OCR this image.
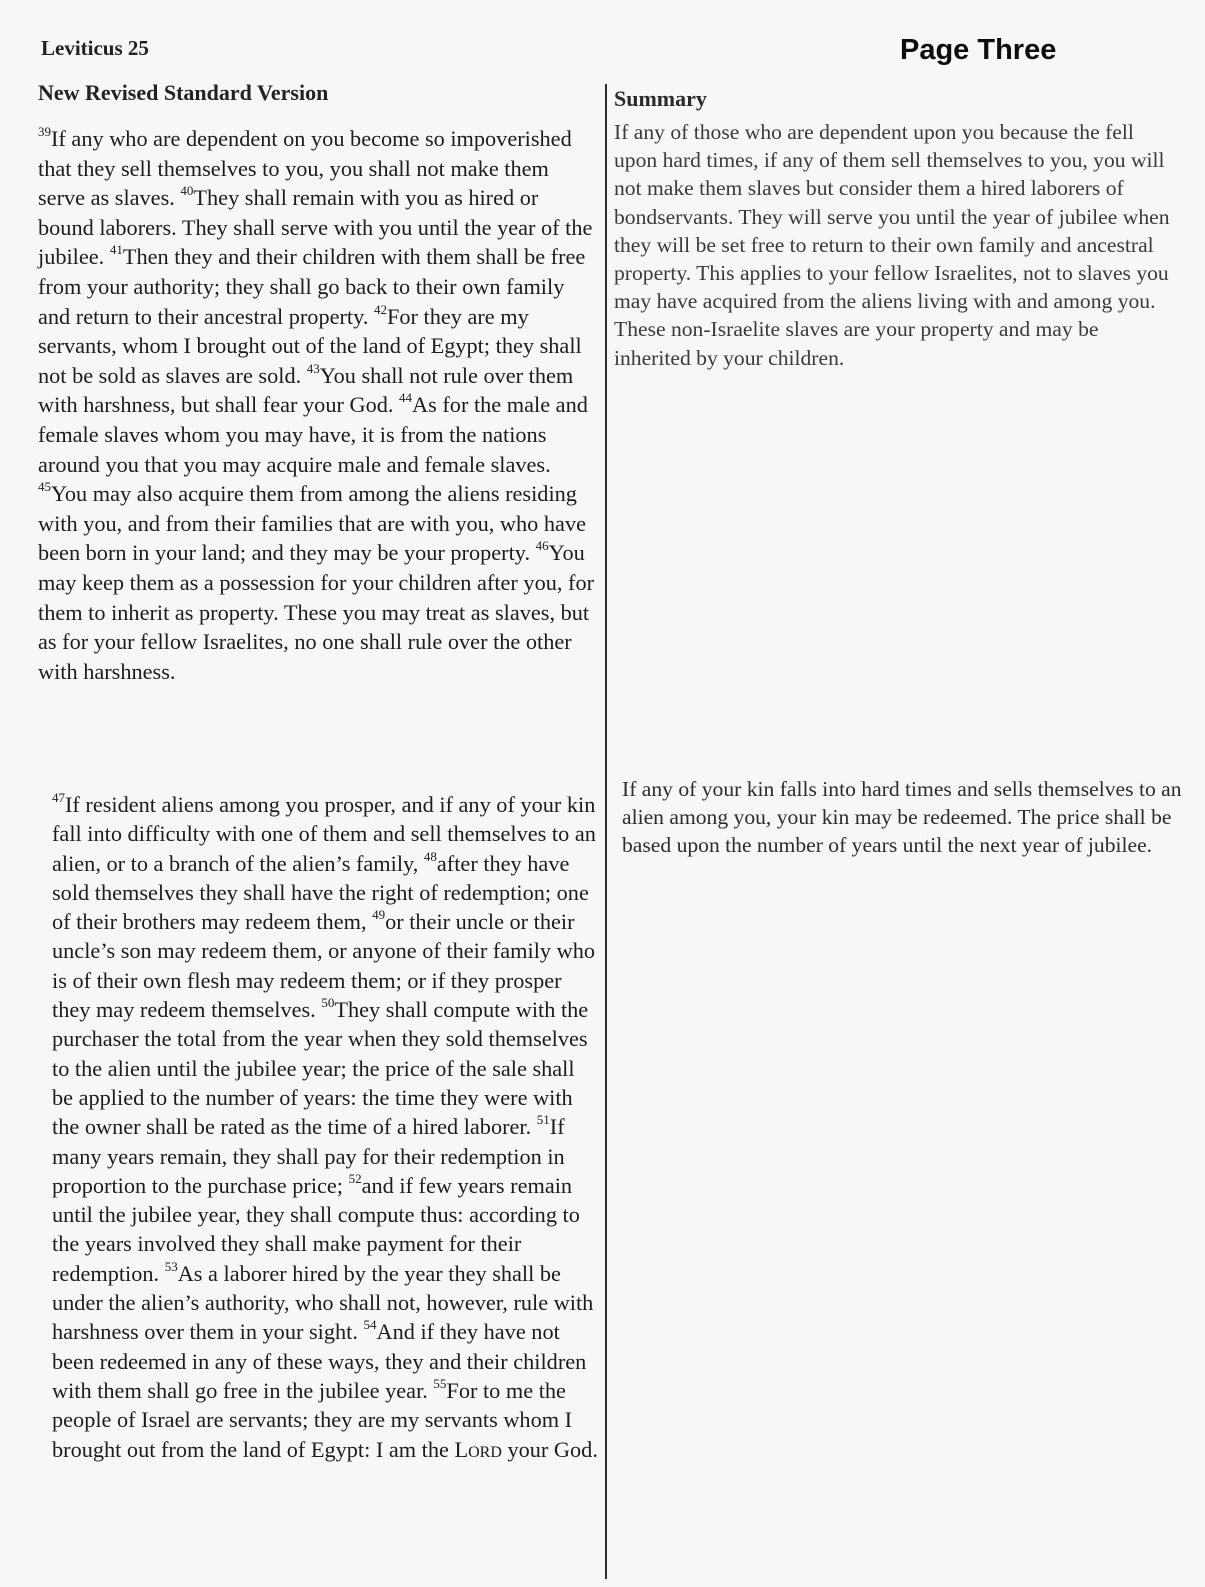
Leviticus 25	Page Three
New Revised Standard Version	Summary

$^{39}$If any who are dependent on you become so impoverished that they sell themselves to you, you shall not make them serve as slaves. $^{40}$They shall remain with you as hired or bound laborers. They shall serve with you until the year of the jubilee. $^{41}$Then they and their children with them shall be free from your authority; they shall go back to their own family and return to their ancestral property. $^{42}$For they are my servants, whom I brought out of the land of Egypt; they shall not be sold as slaves are sold. $^{43}$You shall not rule over them with harshness, but shall fear your God. $^{44}$As for the male and female slaves whom you may have, it is from the nations around you that you may acquire male and female slaves. $^{45}$You may also acquire them from among the aliens residing with you, and from their families that are with you, who have been born in your land; and they may be your property. $^{46}$You may keep them as a possession for your children after you, for them to inherit as property. These you may treat as slaves, but as for your fellow Israelites, no one shall rule over the other with harshness.

$^{47}$If resident aliens among you prosper, and if any of your kin fall into difficulty with one of them and sell themselves to an alien, or to a branch of the alien’s family, $^{48}$after they have sold themselves they shall have the right of redemption; one of their brothers may redeem them, $^{49}$or their uncle or their uncle’s son may redeem them, or anyone of their family who is of their own flesh may redeem them; or if they prosper they may redeem themselves. $^{50}$They shall compute with the purchaser the total from the year when they sold themselves to the alien until the jubilee year; the price of the sale shall be applied to the number of years: the time they were with the owner shall be rated as the time of a hired laborer. $^{51}$If many years remain, they shall pay for their redemption in proportion to the purchase price; $^{52}$and if few years remain until the jubilee year, they shall compute thus: according to the years involved they shall make payment for their redemption. $^{53}$As a laborer hired by the year they shall be under the alien’s authority, who shall not, however, rule with harshness over them in your sight. $^{54}$And if they have not been redeemed in any of these ways, they and their children with them shall go free in the jubilee year. $^{55}$For to me the people of Israel are servants; they are my servants whom I brought out from the land of Egypt: I am the Lord your God.

If any of those who are dependent upon you because the fell upon hard times, if any of them sell themselves to you, you will not make them slaves but consider them a hired laborers of bondservants. They will serve you until the year of jubilee when they will be set free to return to their own family and ancestral property. This applies to your fellow Israelites, not to slaves you may have acquired from the aliens living with and among you. These non-Israelite slaves are your property and may be inherited by your children.

If any of your kin falls into hard times and sells themselves to an alien among you, your kin may be redeemed. The price shall be based upon the number of years until the next year of jubilee.
